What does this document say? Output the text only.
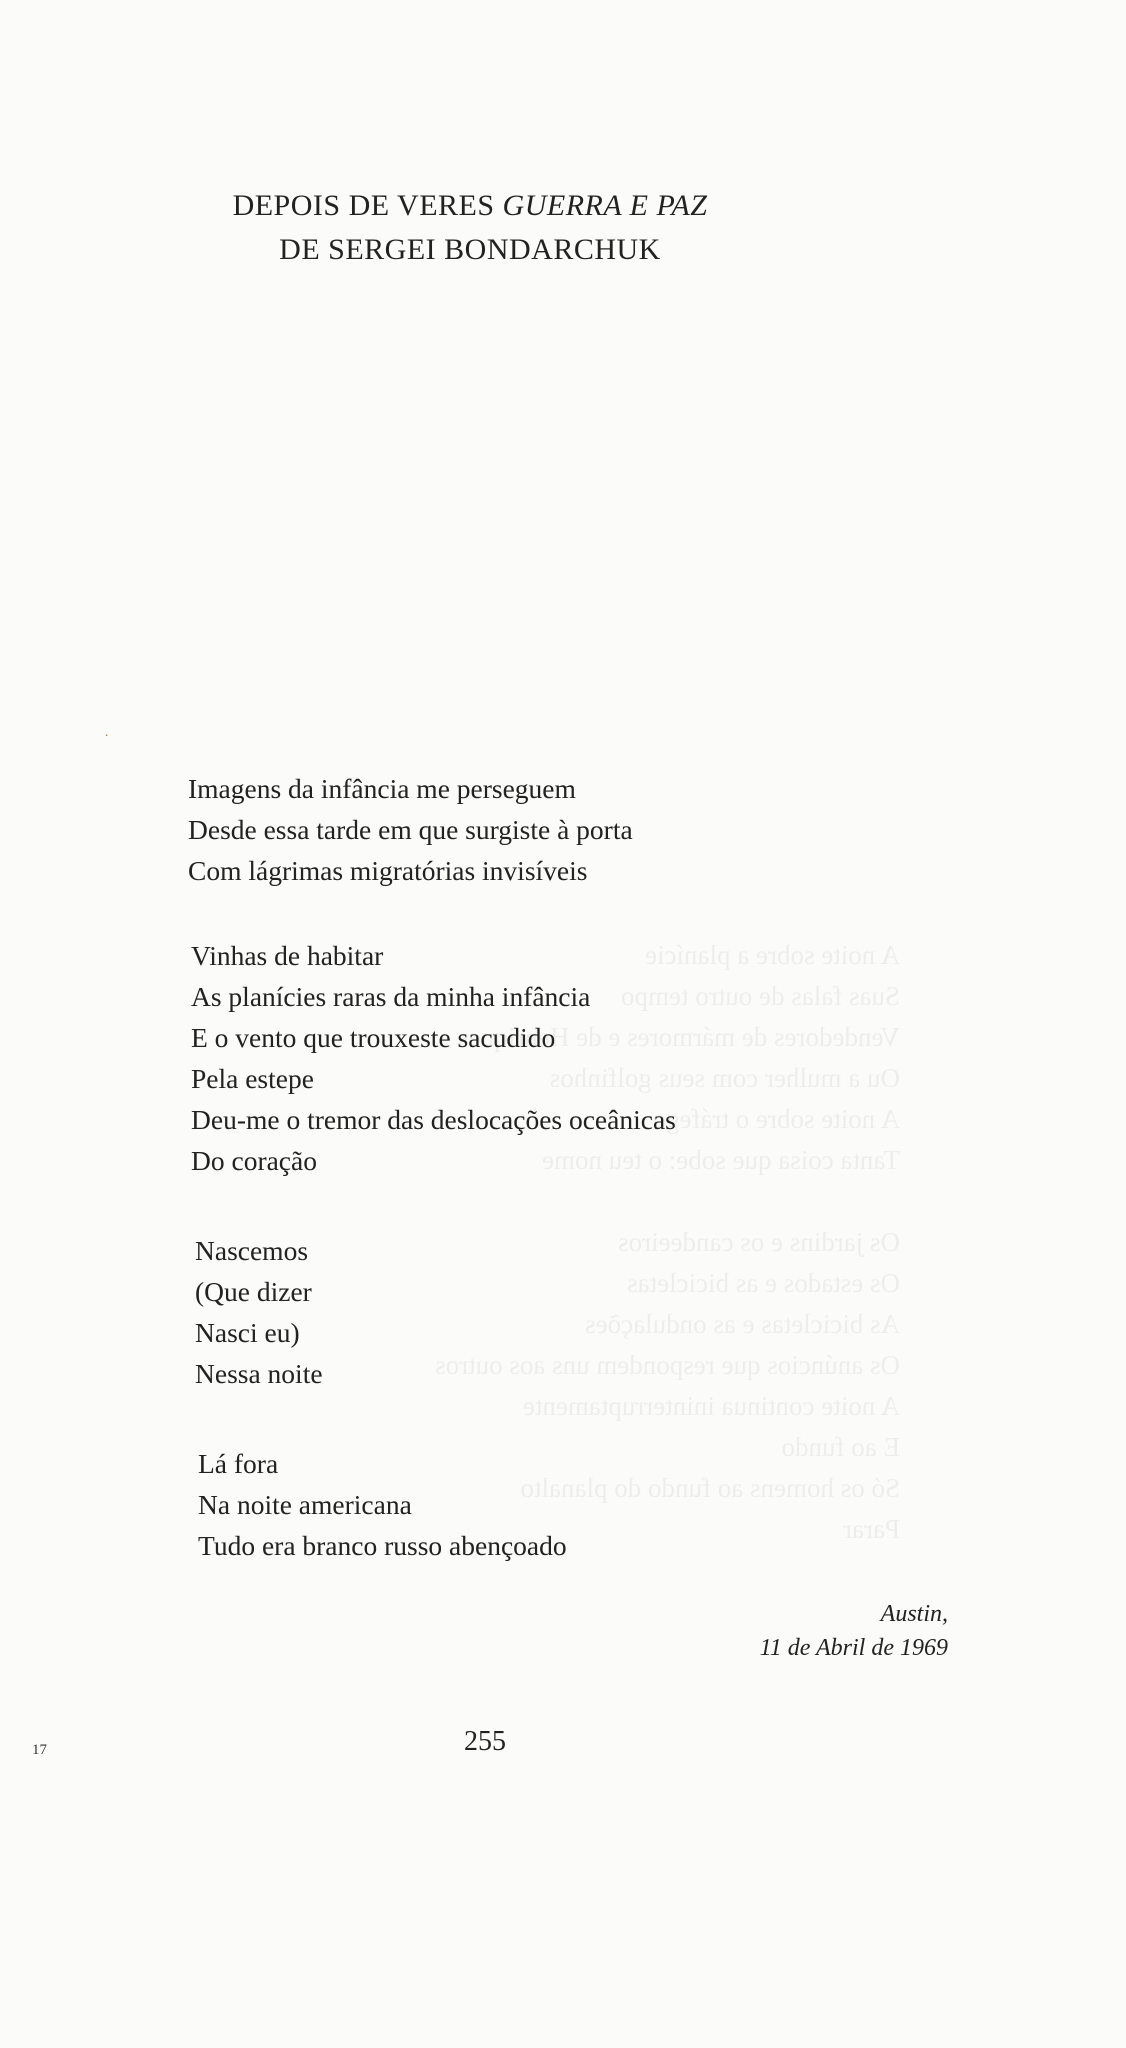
A noite sobre a planície
Suas falas de outro tempo
Vendedores de mármores e de Henriques
Ou a mulher com seus golfinhos
A noite sobre o tráfego
Tanta coisa que sobe: o teu nome

Os jardins e os candeeiros
Os estados e as bicicletas
As bicicletas e as ondulações
Os anúncios que respondem uns aos outros
A noite continua ininterruptamente
E ao fundo
Só os homens ao fundo do planalto
Parar
DEPOIS DE VERES GUERRA E PAZ
DE SERGEI BONDARCHUK
˙
Imagens da infância me perseguem
Desde essa tarde em que surgiste à porta
Com lágrimas migratórias invisíveis
Vinhas de habitar
As planícies raras da minha infância
E o vento que trouxeste sacudido
Pela estepe
Deu-me o tremor das deslocações oceânicas
Do coração
Nascemos
(Que dizer
Nasci eu)
Nessa noite
Lá fora
Na noite americana
Tudo era branco russo abençoado
Austin,
11 de Abril de 1969
17	255
